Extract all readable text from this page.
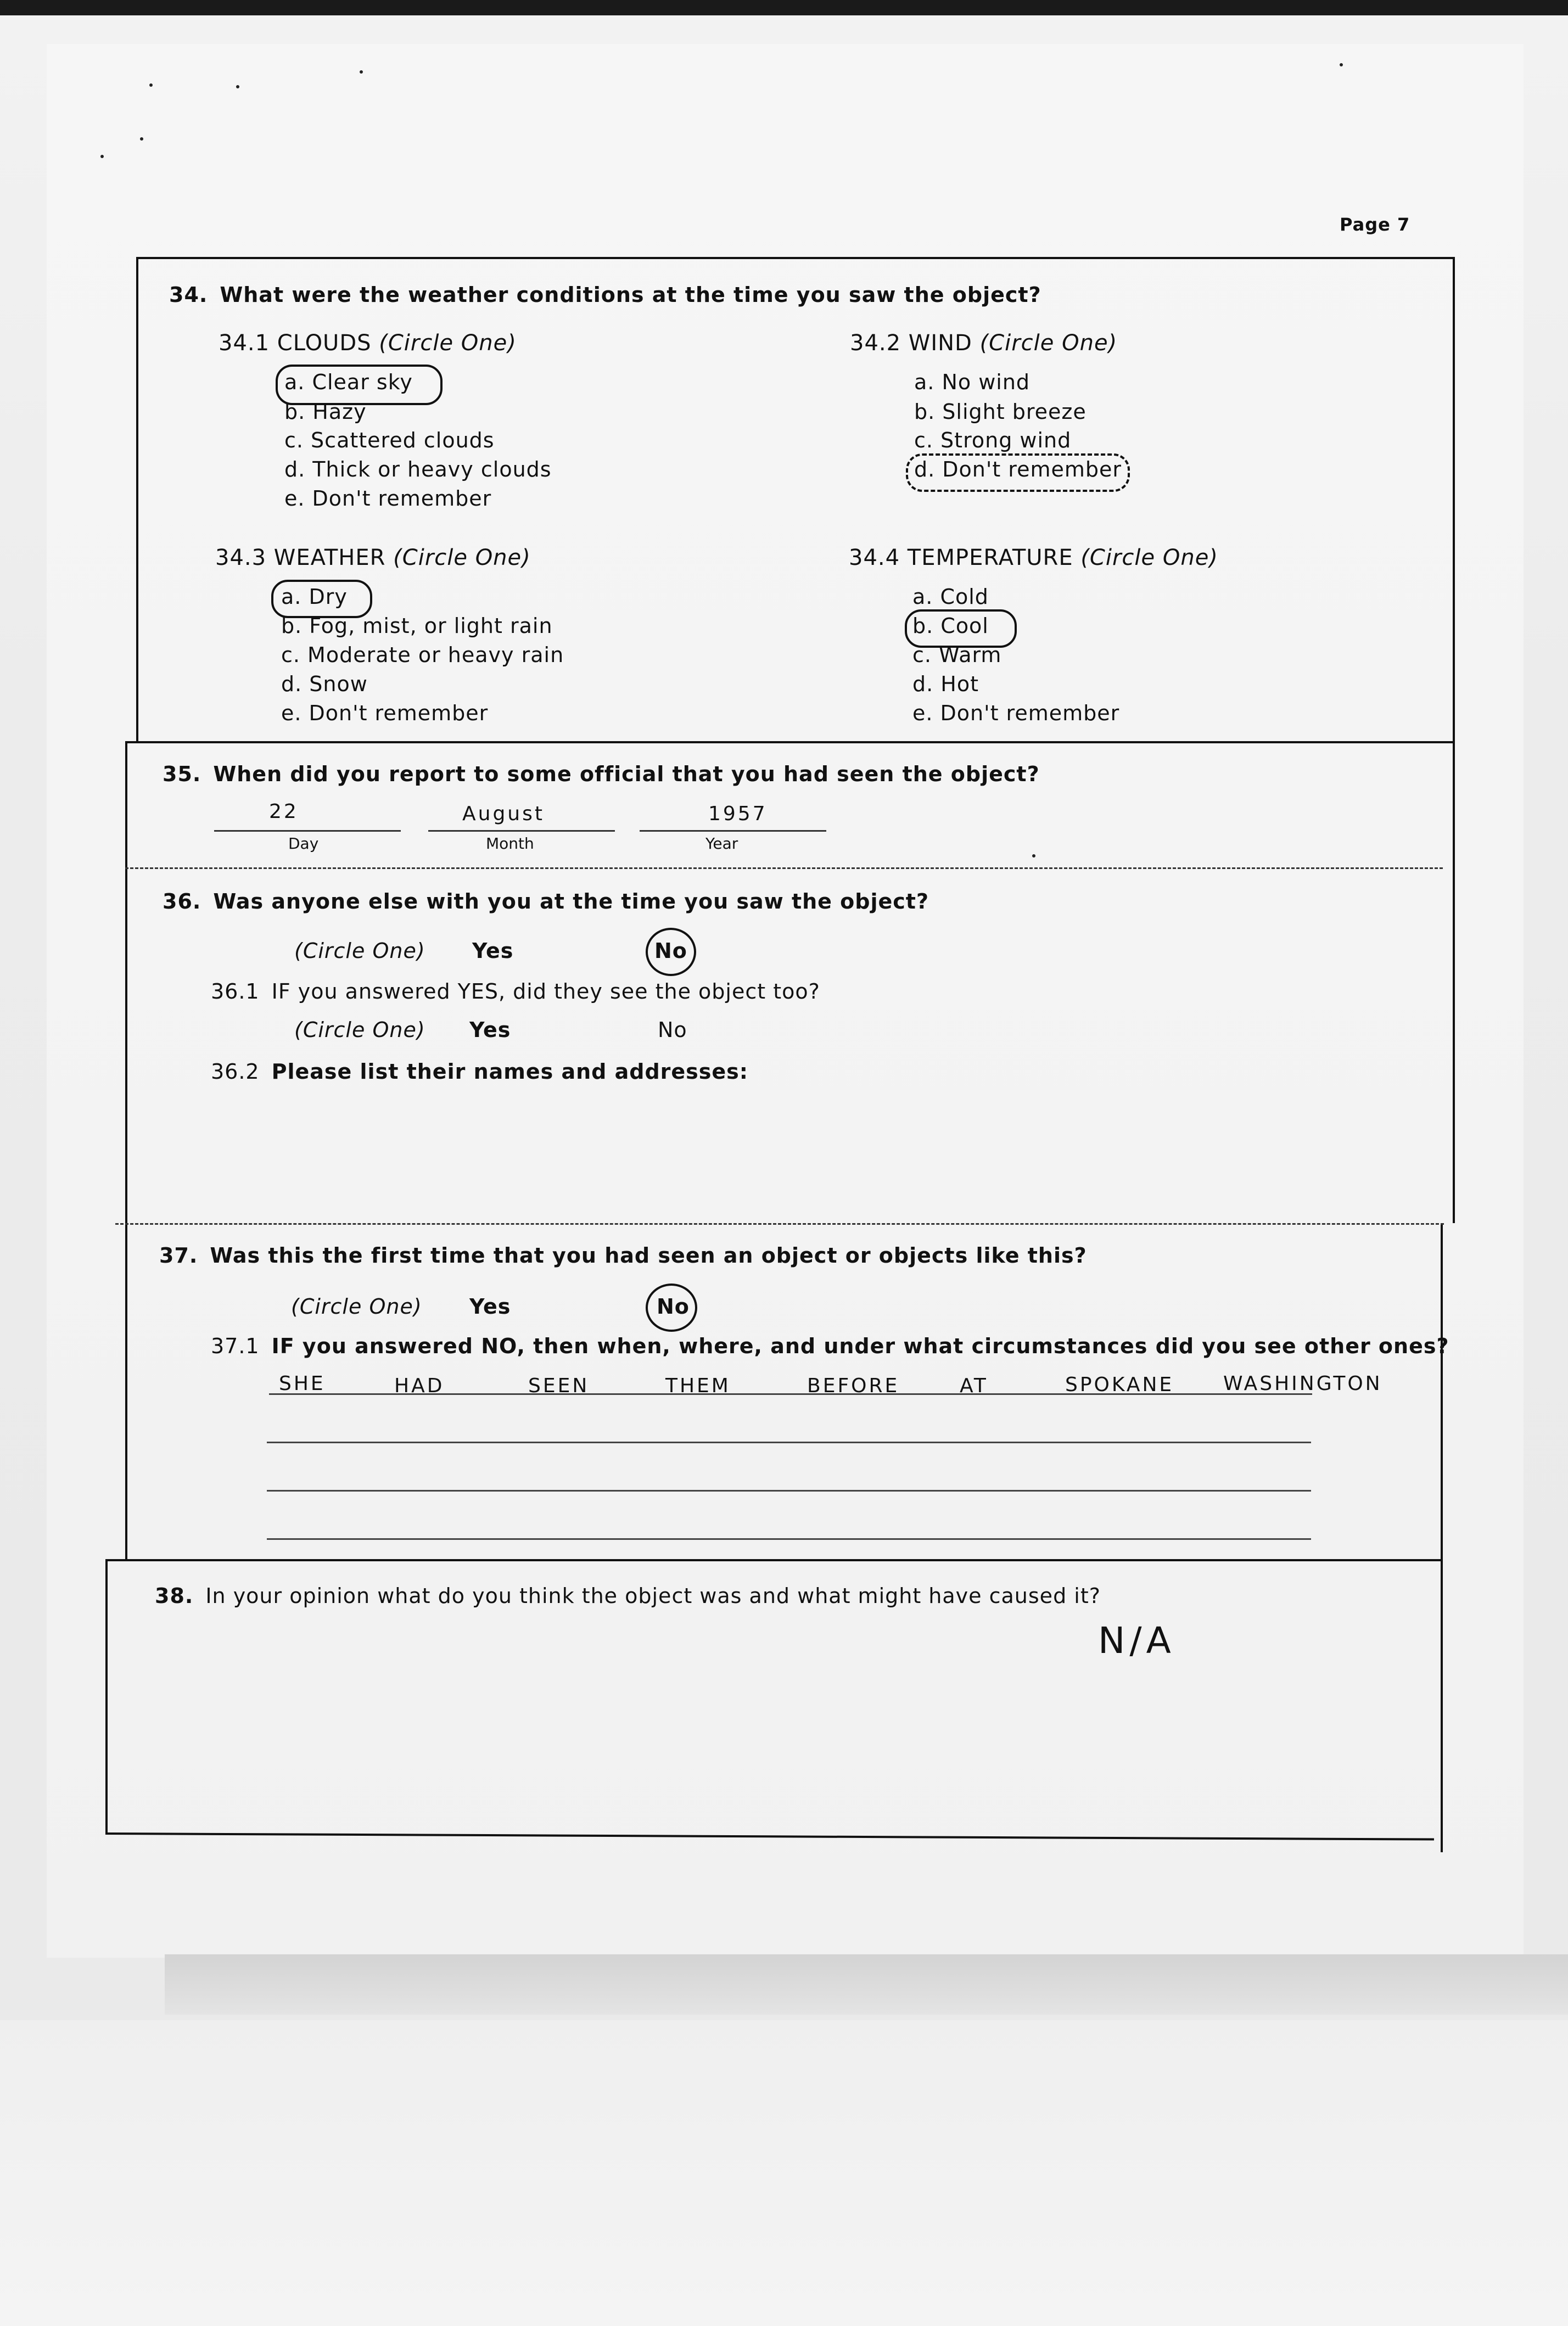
Page 7
34. What were the weather conditions at the time you saw the object?
34.1 CLOUDS (Circle One)
a. Clear sky
b. Hazy
c. Scattered clouds
d. Thick or heavy clouds
e. Don't remember
34.2 WIND (Circle One)
a. No wind
b. Slight breeze
c. Strong wind
d. Don't remember
34.3 WEATHER (Circle One)
a. Dry
b. Fog, mist, or light rain
c. Moderate or heavy rain
d. Snow
e. Don't remember
34.4 TEMPERATURE (Circle One)
a. Cold
b. Cool
c. Warm
d. Hot
e. Don't remember
35. When did you report to some official that you had seen the object?
22	August	1957
Day	Month	Year
36. Was anyone else with you at the time you saw the object?
(Circle One) Yes	No
36.1 IF you answered YES, did they see the object too?
(Circle One) Yes	No
36.2 Please list their names and addresses:
37. Was this the first time that you had seen an object or objects like this?
(Circle One) Yes	No
37.1 IF you answered NO, then when, where, and under what circumstances did you see other ones?
SHE	HAD	SEEN	THEM	BEFORE	AT	SPOKANE WASHINGTON
38. In your opinion what do you think the object was and what might have caused it?
N/A
